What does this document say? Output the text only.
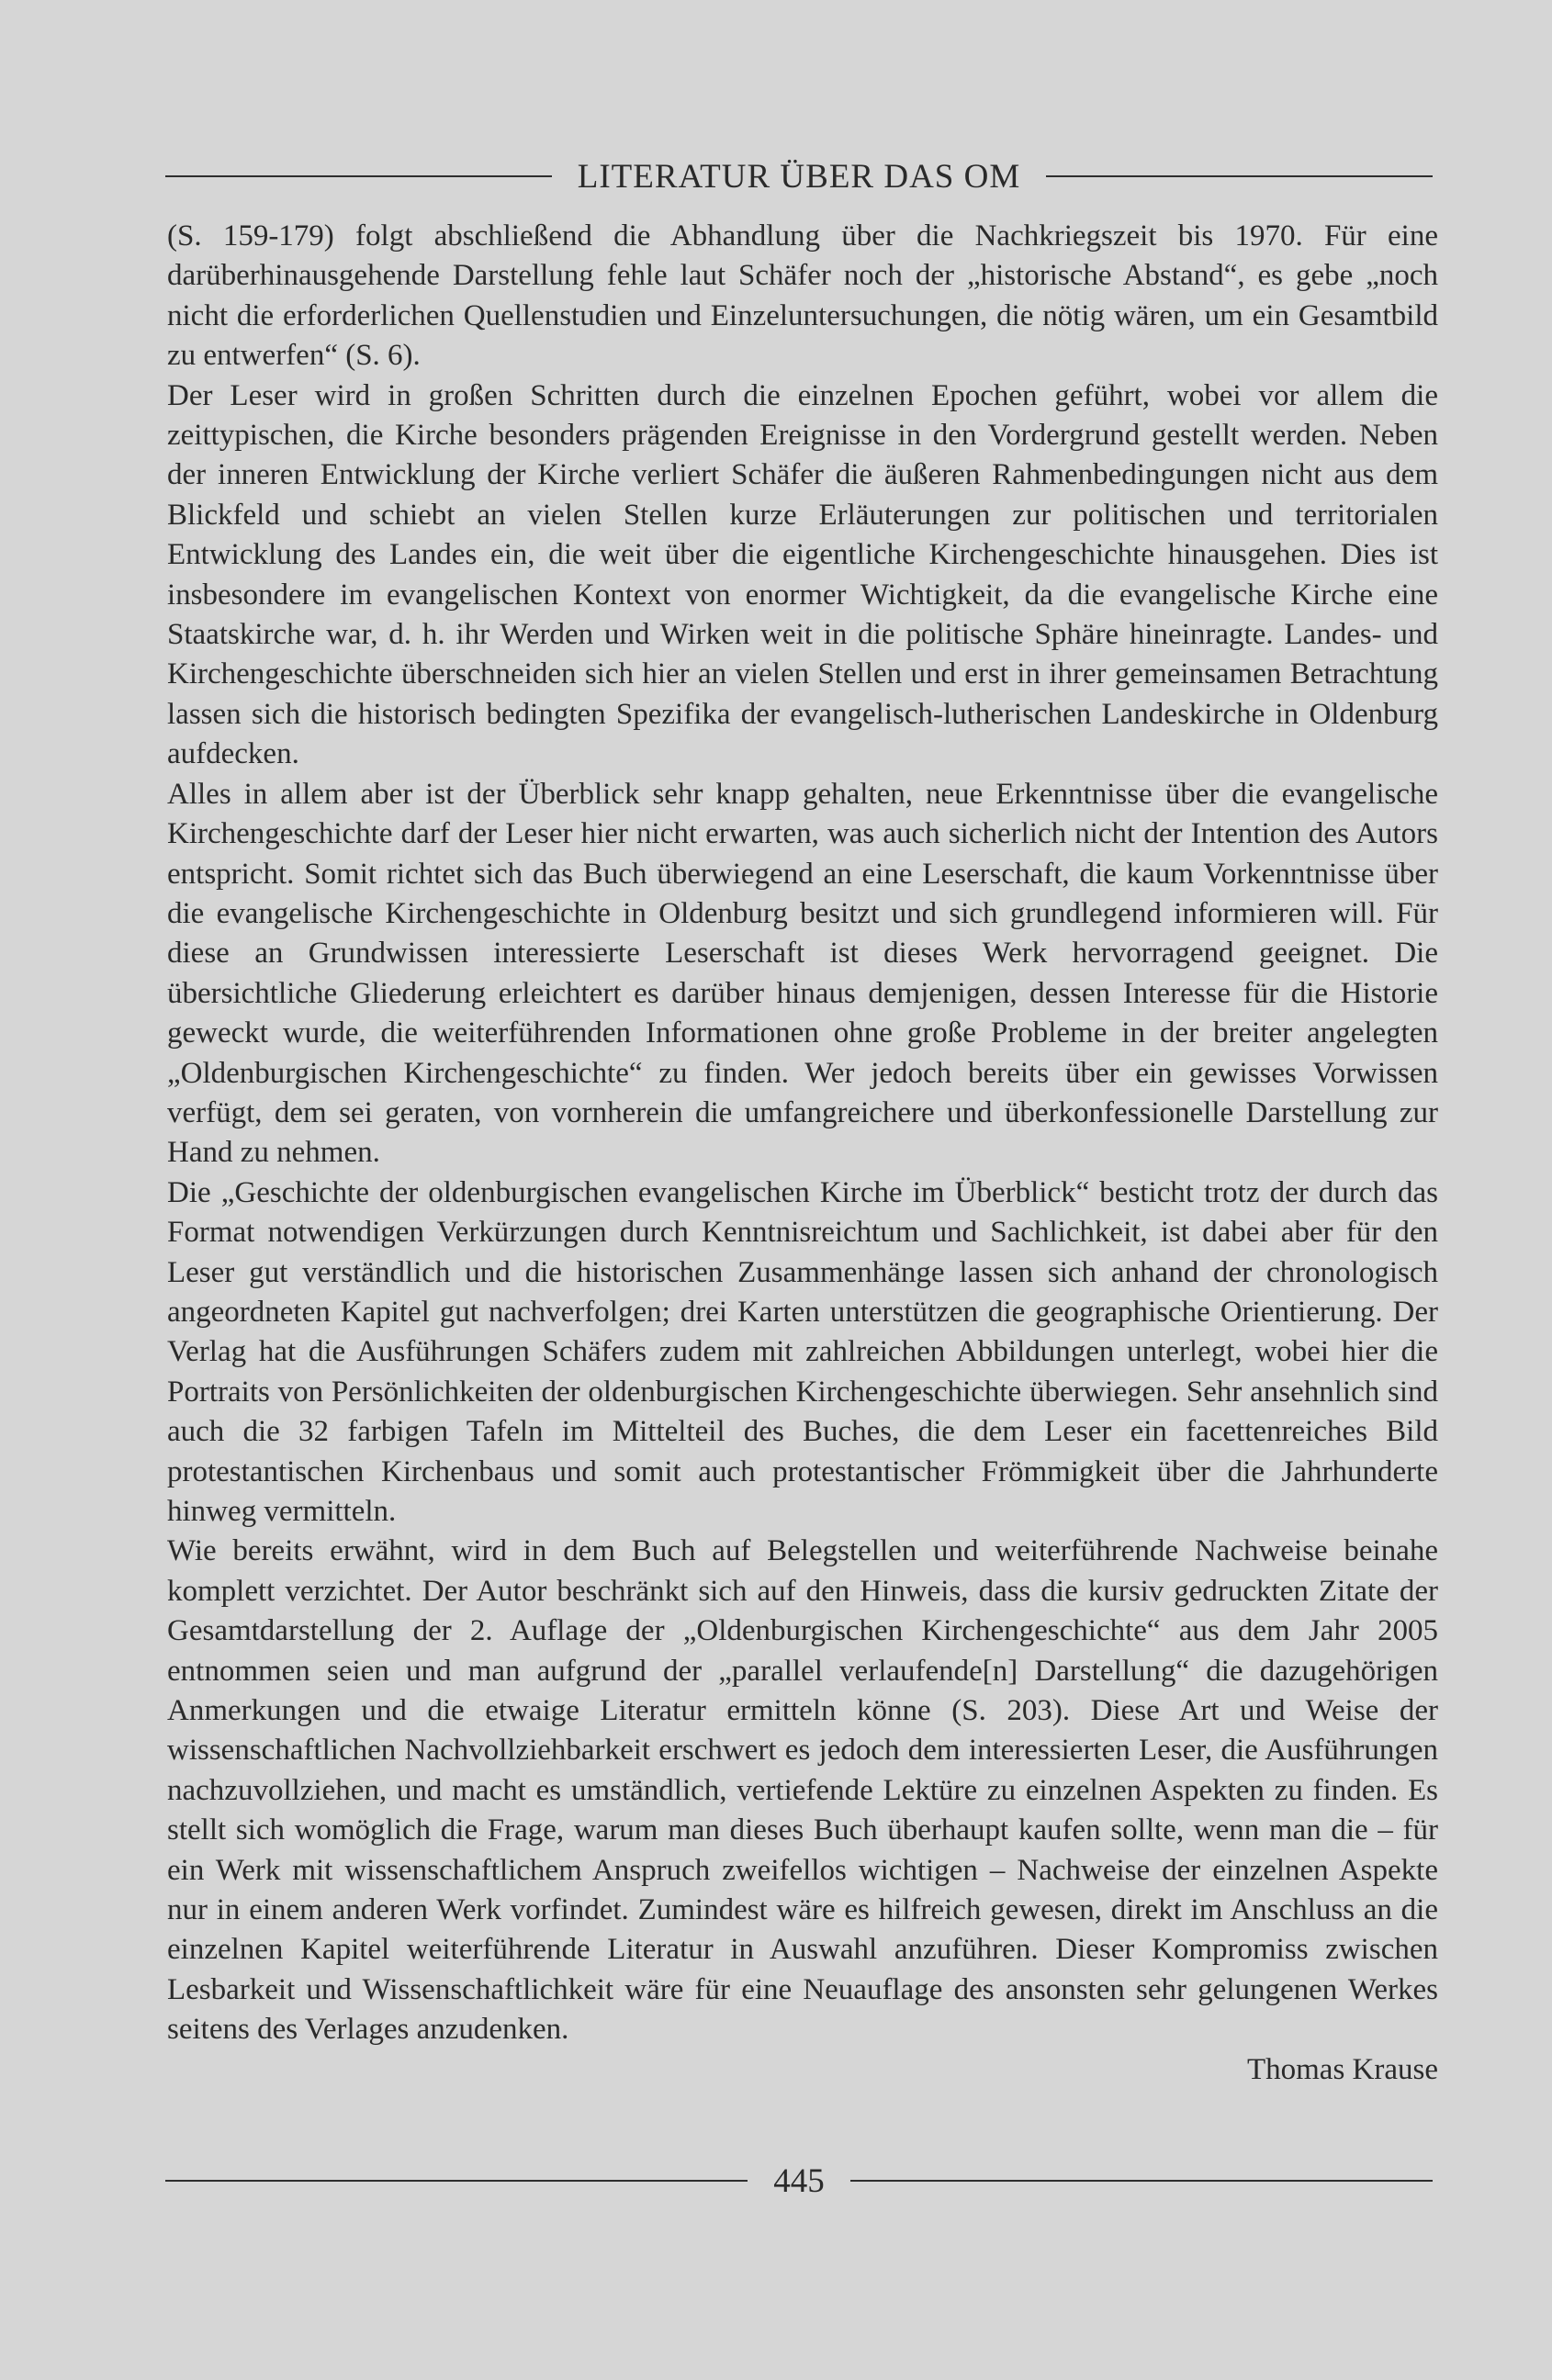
LITERATUR ÜBER DAS OM

(S. 159-179) folgt abschließend die Abhandlung über die Nachkriegszeit bis 1970. Für eine darüberhinausgehende Darstellung fehle laut Schäfer noch der „historische Abstand“, es gebe „noch nicht die erforderlichen Quellenstudien und Einzeluntersuchungen, die nötig wären, um ein Gesamtbild zu entwerfen“ (S. 6).

Der Leser wird in großen Schritten durch die einzelnen Epochen geführt, wobei vor allem die zeittypischen, die Kirche besonders prägenden Ereignisse in den Vordergrund gestellt werden. Neben der inneren Entwicklung der Kirche verliert Schäfer die äußeren Rahmenbedingungen nicht aus dem Blickfeld und schiebt an vielen Stellen kurze Erläuterungen zur politischen und territorialen Entwicklung des Landes ein, die weit über die eigentliche Kirchengeschichte hinausgehen. Dies ist insbesondere im evangelischen Kontext von enormer Wichtigkeit, da die evangelische Kirche eine Staatskirche war, d. h. ihr Werden und Wirken weit in die politische Sphäre hineinragte. Landes- und Kirchengeschichte überschneiden sich hier an vielen Stellen und erst in ihrer gemeinsamen Betrachtung lassen sich die historisch bedingten Spezifika der evangelisch-lutherischen Landeskirche in Oldenburg aufdecken.

Alles in allem aber ist der Überblick sehr knapp gehalten, neue Erkenntnisse über die evangelische Kirchengeschichte darf der Leser hier nicht erwarten, was auch sicherlich nicht der Intention des Autors entspricht. Somit richtet sich das Buch überwiegend an eine Leserschaft, die kaum Vorkenntnisse über die evangelische Kirchengeschichte in Oldenburg besitzt und sich grundlegend informieren will. Für diese an Grundwissen interessierte Leserschaft ist dieses Werk hervorragend geeignet. Die übersichtliche Gliederung erleichtert es darüber hinaus demjenigen, dessen Interesse für die Historie geweckt wurde, die weiterführenden Informationen ohne große Probleme in der breiter angelegten „Oldenburgischen Kirchengeschichte“ zu finden. Wer jedoch bereits über ein gewisses Vorwissen verfügt, dem sei geraten, von vornherein die umfangreichere und überkonfessionelle Darstellung zur Hand zu nehmen.

Die „Geschichte der oldenburgischen evangelischen Kirche im Überblick“ besticht trotz der durch das Format notwendigen Verkürzungen durch Kenntnisreichtum und Sachlichkeit, ist dabei aber für den Leser gut verständlich und die historischen Zusammenhänge lassen sich anhand der chronologisch angeordneten Kapitel gut nachverfolgen; drei Karten unterstützen die geographische Orientierung. Der Verlag hat die Ausführungen Schäfers zudem mit zahlreichen Abbildungen unterlegt, wobei hier die Portraits von Persönlichkeiten der oldenburgischen Kirchengeschichte überwiegen. Sehr ansehnlich sind auch die 32 farbigen Tafeln im Mittelteil des Buches, die dem Leser ein facettenreiches Bild protestantischen Kirchenbaus und somit auch protestantischer Frömmigkeit über die Jahrhunderte hinweg vermitteln.

Wie bereits erwähnt, wird in dem Buch auf Belegstellen und weiterführende Nachweise beinahe komplett verzichtet. Der Autor beschränkt sich auf den Hinweis, dass die kursiv gedruckten Zitate der Gesamtdarstellung der 2. Auflage der „Oldenburgischen Kirchengeschichte“ aus dem Jahr 2005 entnommen seien und man aufgrund der „parallel verlaufende[n] Darstellung“ die dazugehörigen Anmerkungen und die etwaige Literatur ermitteln könne (S. 203). Diese Art und Weise der wissenschaftlichen Nachvollziehbarkeit erschwert es jedoch dem interessierten Leser, die Ausführungen nachzuvollziehen, und macht es umständlich, vertiefende Lektüre zu einzelnen Aspekten zu finden. Es stellt sich womöglich die Frage, warum man dieses Buch überhaupt kaufen sollte, wenn man die – für ein Werk mit wissenschaftlichem Anspruch zweifellos wichtigen – Nachweise der einzelnen Aspekte nur in einem anderen Werk vorfindet. Zumindest wäre es hilfreich gewesen, direkt im Anschluss an die einzelnen Kapitel weiterführende Literatur in Auswahl anzuführen. Dieser Kompromiss zwischen Lesbarkeit und Wissenschaftlichkeit wäre für eine Neuauflage des ansonsten sehr gelungenen Werkes seitens des Verlages anzudenken.

Thomas Krause

445
